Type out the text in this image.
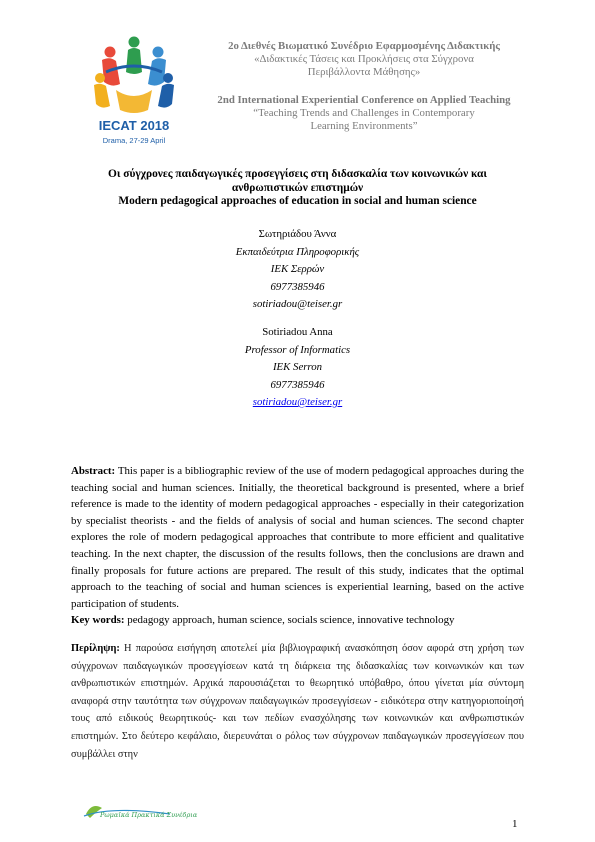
IECAT 2018
Drama, 27-29 April
2ο Διεθνές Βιωματικό Συνέδριο Εφαρμοσμένης Διδακτικής
«Διδακτικές Τάσεις και Προκλήσεις στα Σύγχρονα
Περιβάλλοντα Μάθησης»
2nd International Experiential Conference on Applied Teaching
“Teaching Trends and Challenges in Contemporary
Learning Environments”
Οι σύγχρονες παιδαγωγικές προσεγγίσεις στη διδασκαλία των κοινωνικών και
ανθρωπιστικών επιστημών
Modern pedagogical approaches of education in social and human science
Σωτηριάδου Άννα
Εκπαιδεύτρια Πληροφορικής
ΙΕΚ Σερρών
6977385946
sotiriadou@teiser.gr
Sotiriadou Anna
Professor of Informatics
IEK Serron
6977385946
sotiriadou@teiser.gr
Abstract: This paper is a bibliographic review of the use of modern pedagogical approaches during the teaching social and human sciences. Initially, the theoretical background is presented, where a brief reference is made to the identity of modern pedagogical approaches - especially in their categorization by specialist theorists - and the fields of analysis of social and human sciences. The second chapter explores the role of modern pedagogical approaches that contribute to more efficient and qualitative teaching. In the next chapter, the discussion of the results follows, then the conclusions are drawn and finally proposals for future actions are prepared. The result of this study, indicates that the optimal approach to the teaching of social and human sciences is experiential learning, based on the active participation of students.
Key words: pedagogy approach, human science, socials science, innovative technology
Περίληψη: Η παρούσα εισήγηση αποτελεί μία βιβλιογραφική ανασκόπηση όσον αφορά στη χρήση των σύγχρονων παιδαγωγικών προσεγγίσεων κατά τη διάρκεια της διδασκαλίας των κοινωνικών και των ανθρωπιστικών επιστημών. Αρχικά παρουσιάζεται το θεωρητικό υπόβαθρο, όπου γίνεται μία σύντομη αναφορά στην ταυτότητα των σύγχρονων παιδαγωγικών προσεγγίσεων - ειδικότερα στην κατηγοριοποίησή τους από ειδικούς θεωρητικούς- και των πεδίων ενασχόλησης των κοινωνικών και ανθρωπιστικών επιστημών. Στο δεύτερο κεφάλαιο, διερευνάται ο ρόλος των σύγχρονων παιδαγωγικών προσεγγίσεων που συμβάλλει στην
Ρωμαϊκά Πρακτικά Συνέδρια
1
